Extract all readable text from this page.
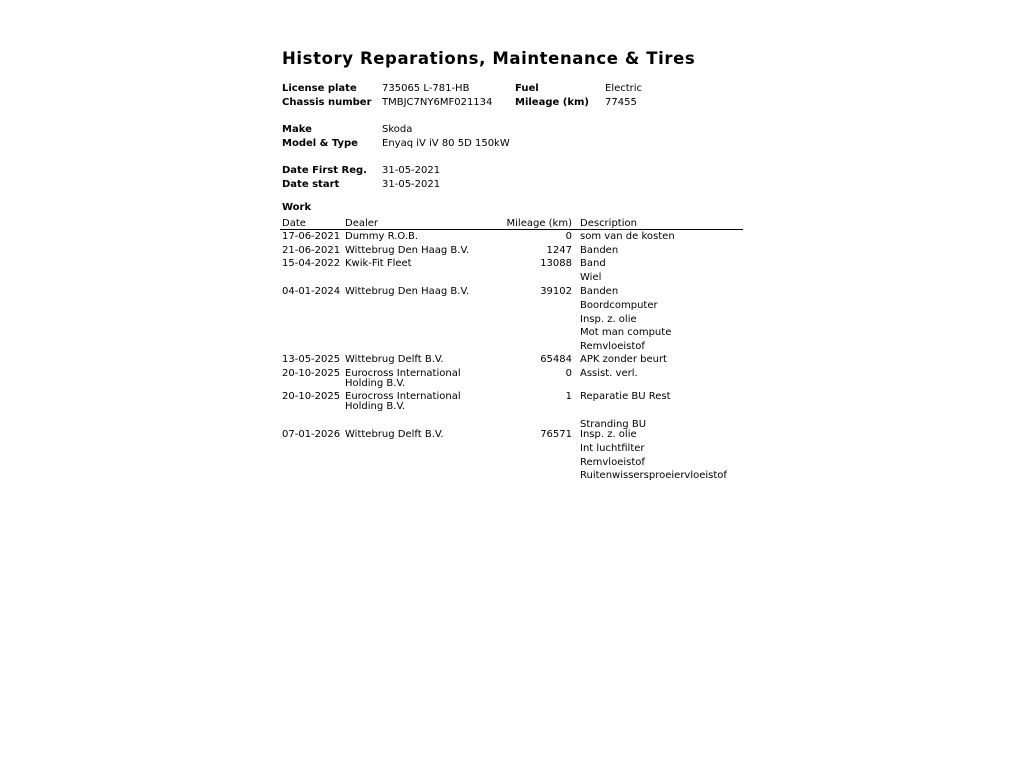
History Reparations, Maintenance & Tires
License plate	735065 L-781-HB	Fuel	Electric
Chassis number TMBJC7NY6MF021134 Mileage (km) 77455
Make	Skoda
Model & Type Enyaq iV iV 80 5D 150kW
Date First Reg. 31-05-2021
Date start	31-05-2021
Work
Date	Dealer	Mileage (km) Description
17-06-2021 Dummy R.O.B.	0 som van de kosten
21-06-2021 Wittebrug Den Haag B.V.	1247 Banden
15-04-2022 Kwik-Fit Fleet	13088 Band
Wiel
04-01-2024 Wittebrug Den Haag B.V.	39102 Banden
Boordcomputer
Insp. z. olie
Mot man compute
Remvloeistof
13-05-2025 Wittebrug Delft B.V.	65484 APK zonder beurt
20-10-2025 Eurocross International Holding B.V.
0 Assist. verl.
20-10-2025 Eurocross International Holding B.V.
1 Reparatie BU Rest
Stranding BU
07-01-2026 Wittebrug Delft B.V.	76571 Insp. z. olie
Int luchtfilter
Remvloeistof
Ruitenwissersproeiervloeistof
